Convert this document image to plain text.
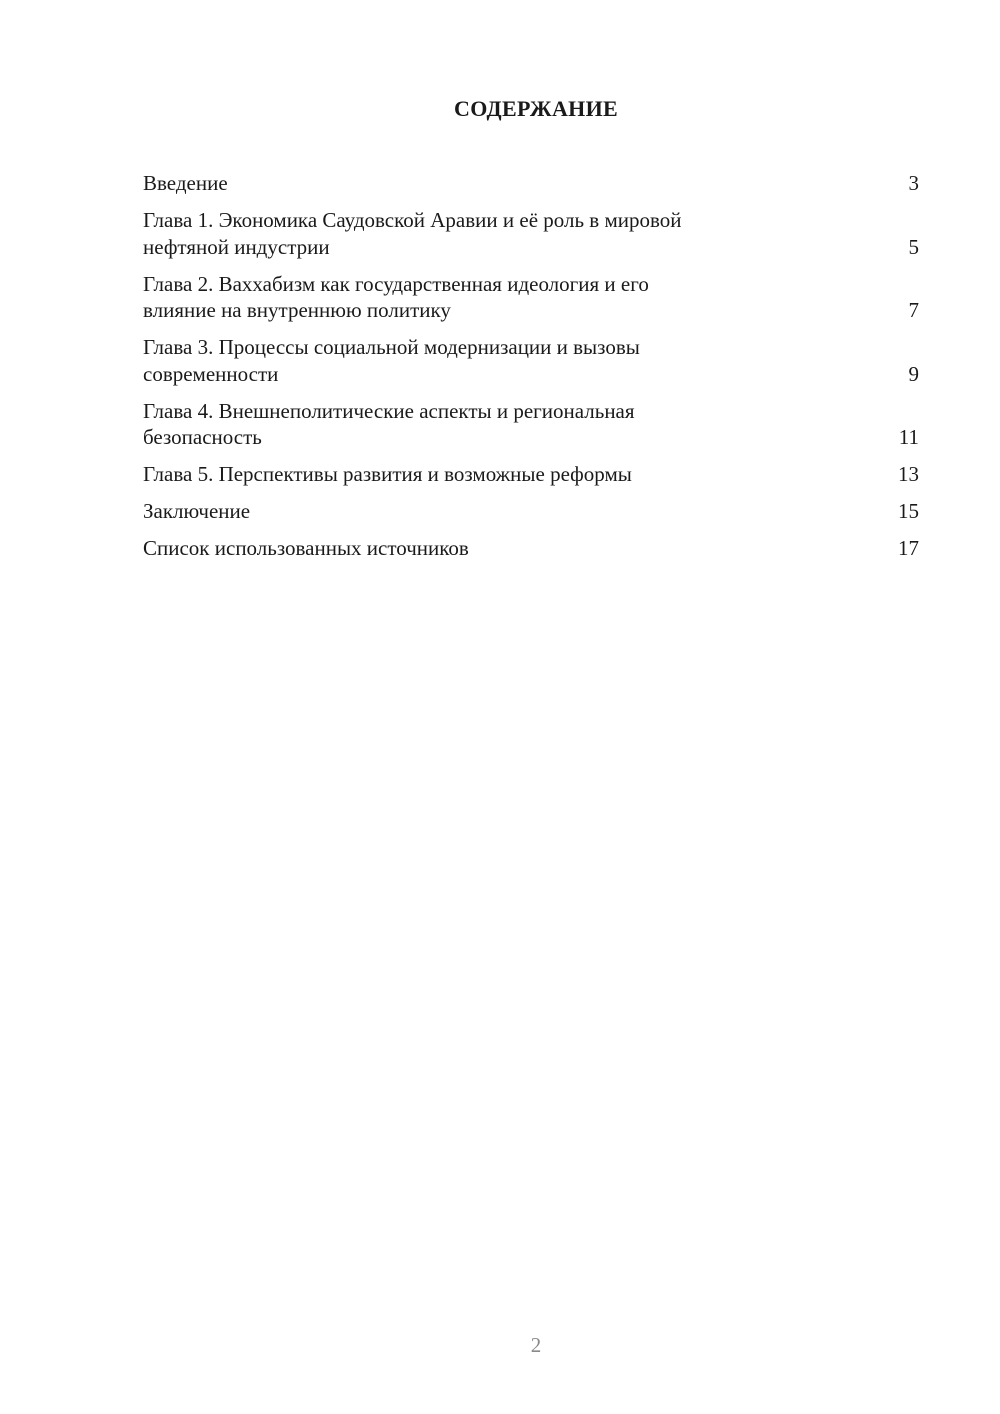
СОДЕРЖАНИЕ
Введение	3
Глава 1. Экономика Саудовской Аравии и её роль в мировой
нефтяной индустрии	5
Глава 2. Ваххабизм как государственная идеология и его
влияние на внутреннюю политику	7
Глава 3. Процессы социальной модернизации и вызовы
современности	9
Глава 4. Внешнеполитические аспекты и региональная
безопасность	11
Глава 5. Перспективы развития и возможные реформы	13
Заключение	15
Список использованных источников	17
2
